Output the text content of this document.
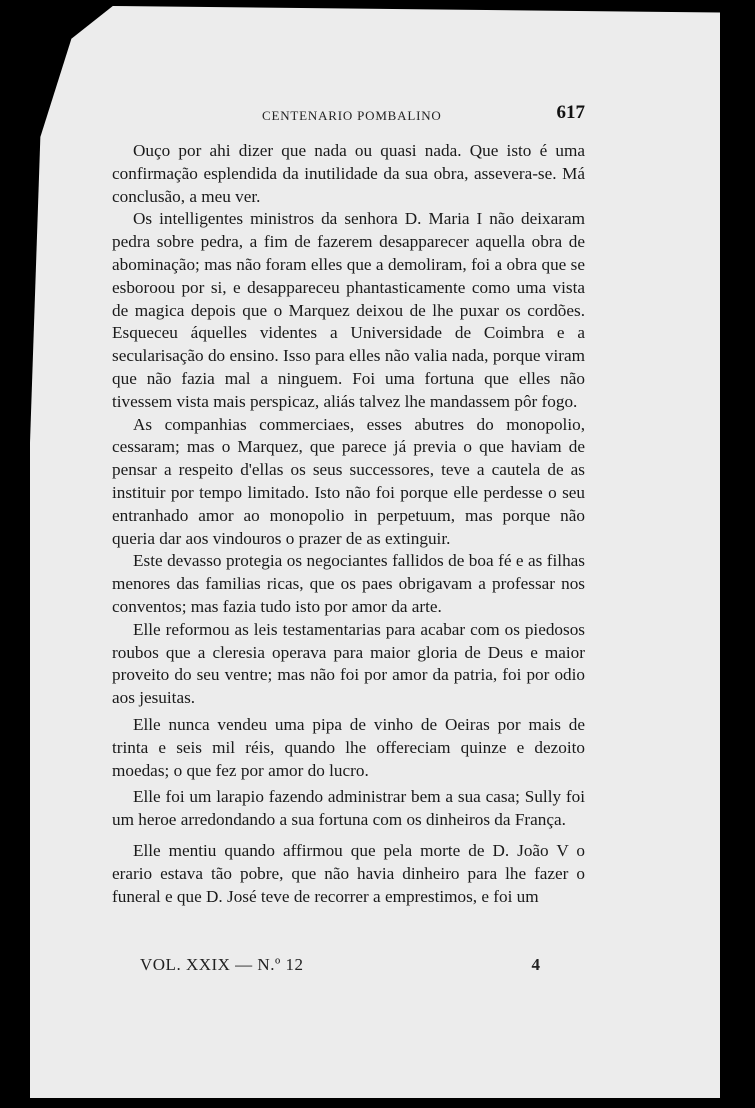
CENTENARIO POMBALINO	617

Ouço por ahi dizer que nada ou quasi nada. Que isto é uma confirmação esplendida da inutilidade da sua obra, assevera-se. Má conclusão, a meu ver.

Os intelligentes ministros da senhora D. Maria I não deixaram pedra sobre pedra, a fim de fazerem desapparecer aquella obra de abominação; mas não foram elles que a demoliram, foi a obra que se esboroou por si, e desappareceu phantasticamente como uma vista de magica depois que o Marquez deixou de lhe puxar os cordões. Esqueceu áquelles videntes a Universidade de Coimbra e a secularisação do ensino. Isso para elles não valia nada, porque viram que não fazia mal a ninguem. Foi uma fortuna que elles não tivessem vista mais perspicaz, aliás talvez lhe mandassem pôr fogo.

As companhias commerciaes, esses abutres do monopolio, cessaram; mas o Marquez, que parece já previa o que haviam de pensar a respeito d'ellas os seus successores, teve a cautela de as instituir por tempo limitado. Isto não foi porque elle perdesse o seu entranhado amor ao monopolio in perpetuum, mas porque não queria dar aos vindouros o prazer de as extinguir.

Este devasso protegia os negociantes fallidos de boa fé e as filhas menores das familias ricas, que os paes obrigavam a professar nos conventos; mas fazia tudo isto por amor da arte.

Elle reformou as leis testamentarias para acabar com os piedosos roubos que a cleresia operava para maior gloria de Deus e maior proveito do seu ventre; mas não foi por amor da patria, foi por odio aos jesuitas.

Elle nunca vendeu uma pipa de vinho de Oeiras por mais de trinta e seis mil réis, quando lhe offereciam quinze e dezoito moedas; o que fez por amor do lucro.

Elle foi um larapio fazendo administrar bem a sua casa; Sully foi um heroe arredondando a sua fortuna com os dinheiros da França.

Elle mentiu quando affirmou que pela morte de D. João V o erario estava tão pobre, que não havia dinheiro para lhe fazer o funeral e que D. José teve de recorrer a emprestimos, e foi um

VOL. XXIX — N.º 12	4
